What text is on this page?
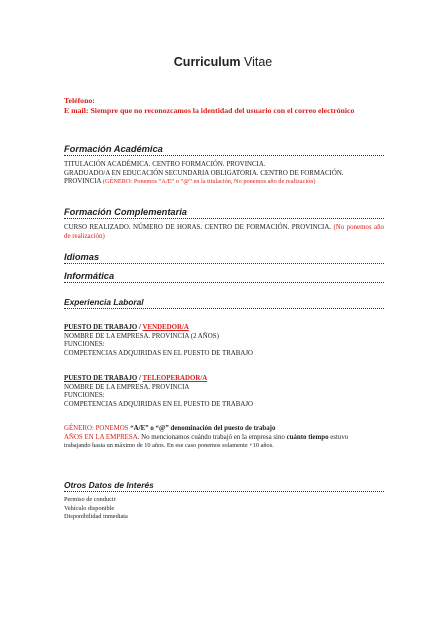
Curriculum Vitae
Teléfono:
E mail: Siempre que no reconozcamos la identidad del usuario con el correo electrónico
Formación Académica
TITULACIÓN ACADÉMICA. CENTRO FORMACIÓN. PROVINCIA.
GRADUADO/A EN EDUCACIÓN SECUNDARIA OBLIGATORIA. CENTRO DE FORMACIÓN.
PROVINCIA (GÉNERO: Ponemos “A/E” o “@” en la titulación, No ponemos año de realización)
Formación Complementaria
CURSO REALIZADO. NÚMERO DE HORAS. CENTRO DE FORMACIÓN. PROVINCIA. (No ponemos año de realización)
Idiomas
Informática
Experiencia Laboral
PUESTO DE TRABAJO / VENDEDOR/A
NOMBRE DE LA EMPRESA. PROVINCIA (2 AÑOS)
FUNCIONES:
COMPETENCIAS ADQUIRIDAS EN EL PUESTO DE TRABAJO
PUESTO DE TRABAJO / TELEOPERADOR/A
NOMBRE DE LA EMPRESA. PROVINCIA
FUNCIONES:
COMPETENCIAS ADQUIRIDAS EN EL PUESTO DE TRABAJO
GÉNERO: PONEMOS “A/E” o “@” denominación del puesto de trabajo
AÑOS EN LA EMPRESA. No mencionamos cuándo trabajó en la empresa sino cuánto tiempo estuvo
trabajando hasta un máximo de 10 años. En ese caso ponemos solamente +10 años.
Otros Datos de Interés
Permiso de conducir
Vehículo disponible
Disponibilidad inmediata
